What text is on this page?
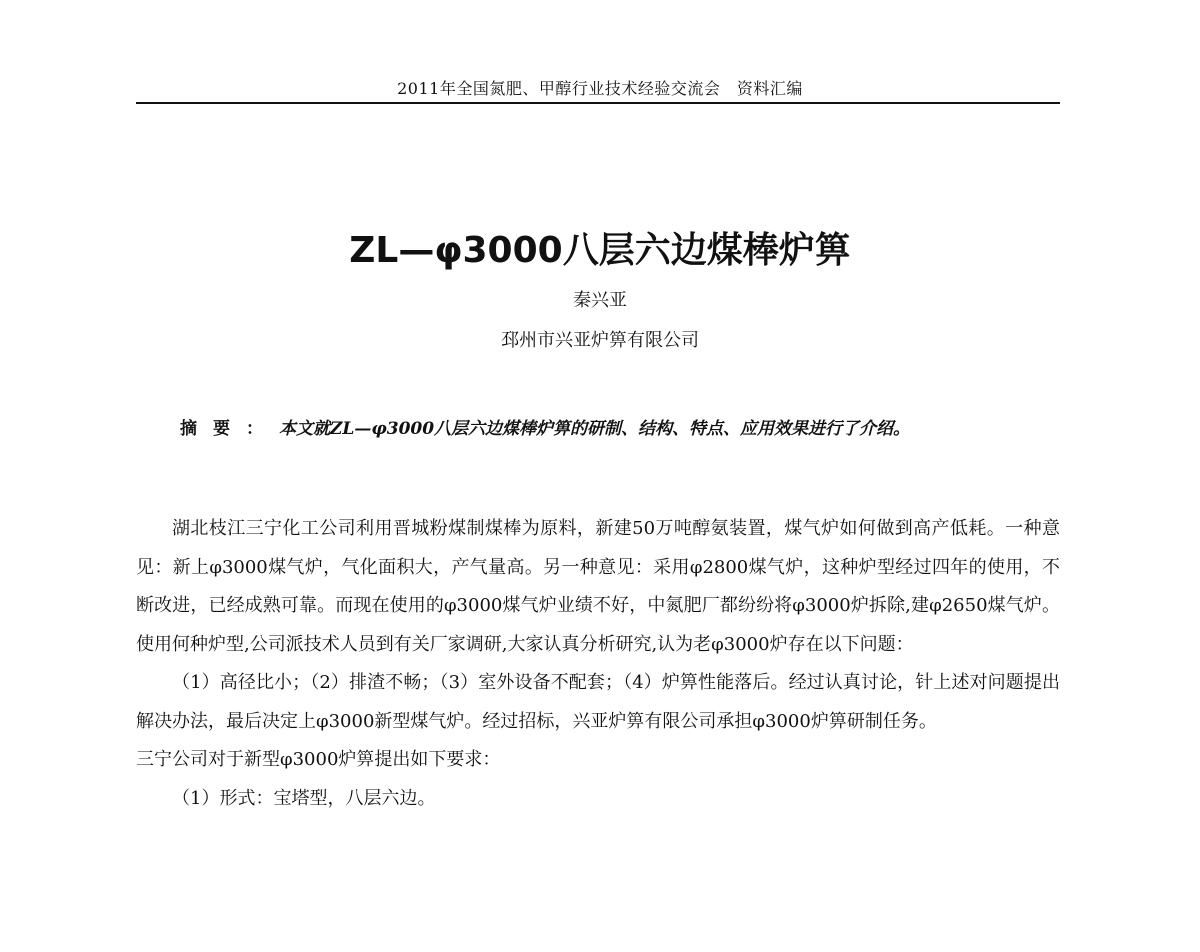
2011年全国氮肥、甲醇行业技术经验交流会　资料汇编
ZL—φ3000八层六边煤棒炉箅
秦兴亚
邳州市兴亚炉箅有限公司
摘要：本文就ZL—φ3000八层六边煤棒炉箅的研制、结构、特点、应用效果进行了介绍。

湖北枝江三宁化工公司利用晋城粉煤制煤棒为原料，新建50万吨醇氨装置，煤气炉如何做到高产低耗。一种意见：新上φ3000煤气炉，气化面积大，产气量高。另一种意见：采用φ2800煤气炉，这种炉型经过四年的使用，不断改进，已经成熟可靠。而现在使用的φ3000煤气炉业绩不好，中氮肥厂都纷纷将φ3000炉拆除,建φ2650煤气炉。使用何种炉型,公司派技术人员到有关厂家调研,大家认真分析研究,认为老φ3000炉存在以下问题：

（1）高径比小；（2）排渣不畅；（3）室外设备不配套；（4）炉箅性能落后。经过认真讨论，针上述对问题提出解决办法，最后决定上φ3000新型煤气炉。经过招标，兴亚炉箅有限公司承担φ3000炉箅研制任务。

三宁公司对于新型φ3000炉箅提出如下要求：

（1）形式：宝塔型，八层六边。
